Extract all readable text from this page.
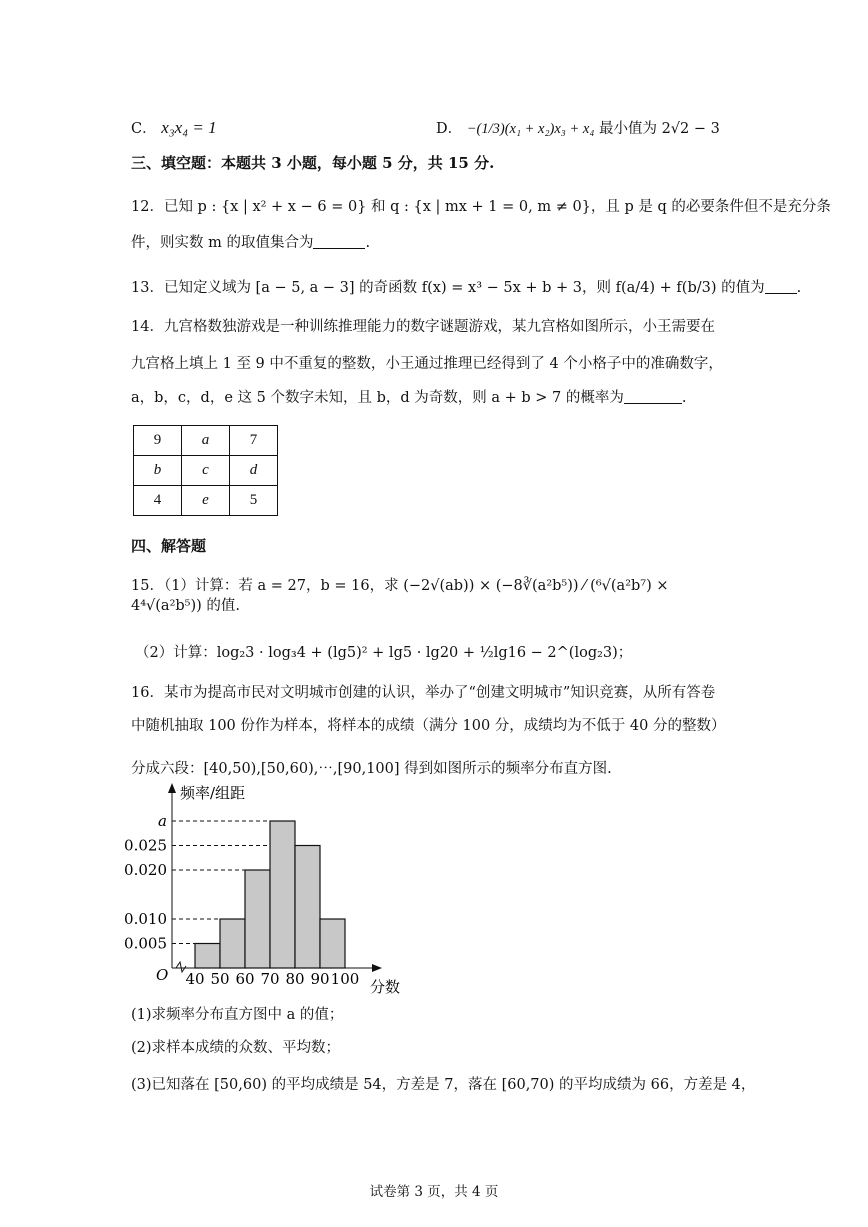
C． x₃x₄ = 1	D． −(1/3)(x₁ + x₂)x₃ + x₄ 最小值为 2√2 − 3
三、填空题：本题共 3 小题，每小题 5 分，共 15 分.
12．已知 p : {x | x² + x − 6 = 0} 和 q : {x | mx + 1 = 0, m ≠ 0}，且 p 是 q 的必要条件但不是充分条
件，则实数 m 的取值集合为	.
13．已知定义域为 [a − 5, a − 3] 的奇函数 f(x) = x³ − 5x + b + 3，则 f(a/4) + f(b/3) 的值为 .
14．九宫格数独游戏是一种训练推理能力的数字谜题游戏，某九宫格如图所示，小王需要在
九宫格上填上 1 至 9 中不重复的整数，小王通过推理已经得到了 4 个小格子中的准确数字，
a，b，c，d，e 这 5 个数字未知，且 b，d 为奇数，则 a + b > 7 的概率为	.
9	a	7
b	c	d
4	e	5
四、解答题
15．（1）计算：若 a = 27，b = 16，求 (−2√(ab)) × (−8∛(a²b⁵)) ⁄ (⁶√(a²b⁷) × 4⁴√(a²b⁵)) 的值.
（2）计算：log₂3 · log₃4 + (lg5)² + lg5 · lg20 + ½lg16 − 2^(log₂3)；
16．某市为提高市民对文明城市创建的认识，举办了“创建文明城市”知识竞赛，从所有答卷
中随机抽取 100 份作为样本，将样本的成绩（满分 100 分，成绩均为不低于 40 分的整数）
分成六段：[40,50),[50,60),⋯,[90,100] 得到如图所示的频率分布直方图.
频率/组距
分数
O
0.005
0.010
0.020
0.025
a
40 50 60 70 80 90 100
(1)求频率分布直方图中 a 的值；
(2)求样本成绩的众数、平均数；
(3)已知落在 [50,60) 的平均成绩是 54，方差是 7，落在 [60,70) 的平均成绩为 66，方差是 4，
试卷第 3 页，共 4 页
